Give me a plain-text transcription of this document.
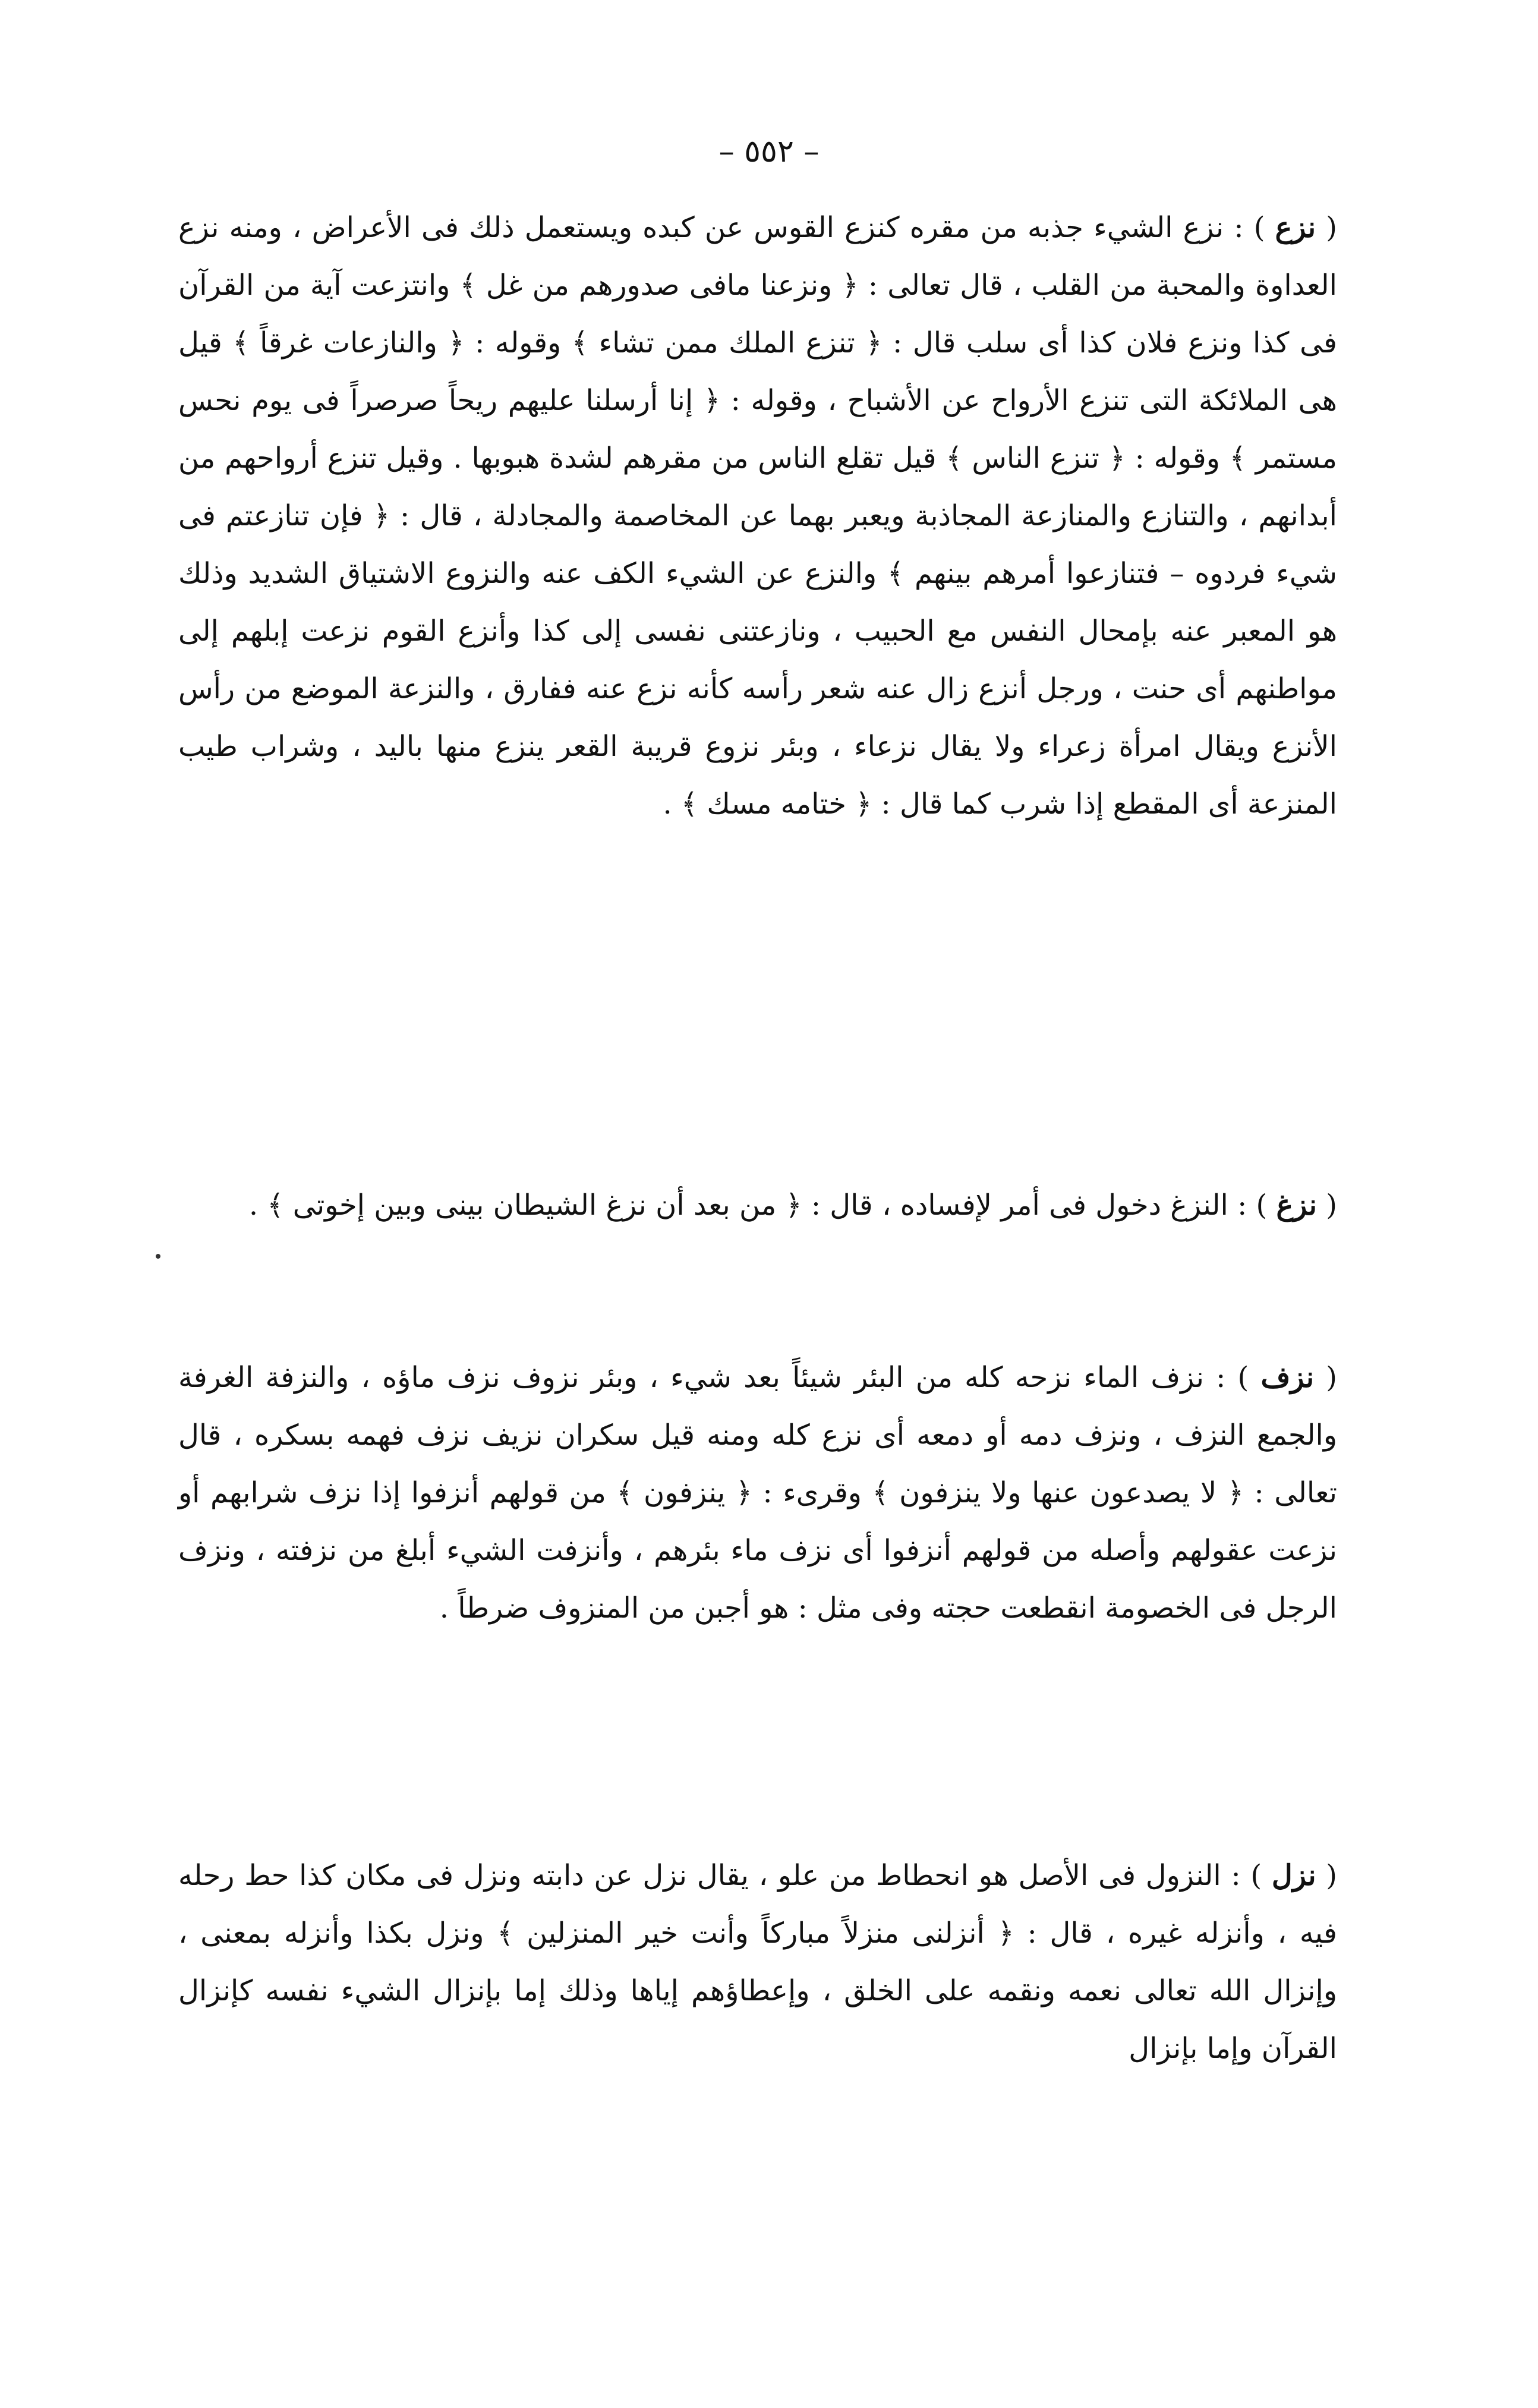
– ٥٥٢ –
( نزع ) : نزع الشيء جذبه من مقره كنزع القوس عن كبده ويستعمل ذلك فى الأعراض ، ومنه نزع العداوة والمحبة من القلب ، قال تعالى : ﴿ ونزعنا مافى صدورهم من غل ﴾ وانتزعت آية من القرآن فى كذا ونزع فلان كذا أى سلب قال : ﴿ تنزع الملك ممن تشاء ﴾ وقوله : ﴿ والنازعات غرقاً ﴾ قيل هى الملائكة التى تنزع الأرواح عن الأشباح ، وقوله : ﴿ إنا أرسلنا عليهم ريحاً صرصراً فى يوم نحس مستمر ﴾ وقوله : ﴿ تنزع الناس ﴾ قيل تقلع الناس من مقرهم لشدة هبوبها . وقيل تنزع أرواحهم من أبدانهم ، والتنازع والمنازعة المجاذبة ويعبر بهما عن المخاصمة والمجادلة ، قال : ﴿ فإن تنازعتم فى شيء فردوه – فتنازعوا أمرهم بينهم ﴾ والنزع عن الشيء الكف عنه والنزوع الاشتياق الشديد وذلك هو المعبر عنه بإمحال النفس مع الحبيب ، ونازعتنى نفسى إلى كذا وأنزع القوم نزعت إبلهم إلى مواطنهم أى حنت ، ورجل أنزع زال عنه شعر رأسه كأنه نزع عنه ففارق ، والنزعة الموضع من رأس الأنزع ويقال امرأة زعراء ولا يقال نزعاء ، وبئر نزوع قريبة القعر ينزع منها باليد ، وشراب طيب المنزعة أى المقطع إذا شرب كما قال : ﴿ ختامه مسك ﴾ .
( نزغ ) : النزغ دخول فى أمر لإفساده ، قال : ﴿ من بعد أن نزغ الشيطان بينى وبين إخوتى ﴾ .
( نزف ) : نزف الماء نزحه كله من البئر شيئاً بعد شيء ، وبئر نزوف نزف ماؤه ، والنزفة الغرفة والجمع النزف ، ونزف دمه أو دمعه أى نزع كله ومنه قيل سكران نزيف نزف فهمه بسكره ، قال تعالى : ﴿ لا يصدعون عنها ولا ينزفون ﴾ وقرىء : ﴿ ينزفون ﴾ من قولهم أنزفوا إذا نزف شرابهم أو نزعت عقولهم وأصله من قولهم أنزفوا أى نزف ماء بئرهم ، وأنزفت الشيء أبلغ من نزفته ، ونزف الرجل فى الخصومة انقطعت حجته وفى مثل : هو أجبن من المنزوف ضرطاً .
( نزل ) : النزول فى الأصل هو انحطاط من علو ، يقال نزل عن دابته ونزل فى مكان كذا حط رحله فيه ، وأنزله غيره ، قال : ﴿ أنزلنى منزلاً مباركاً وأنت خير المنزلين ﴾ ونزل بكذا وأنزله بمعنى ، وإنزال الله تعالى نعمه ونقمه على الخلق ، وإعطاؤهم إياها وذلك إما بإنزال الشيء نفسه كإنزال القرآن وإما بإنزال
